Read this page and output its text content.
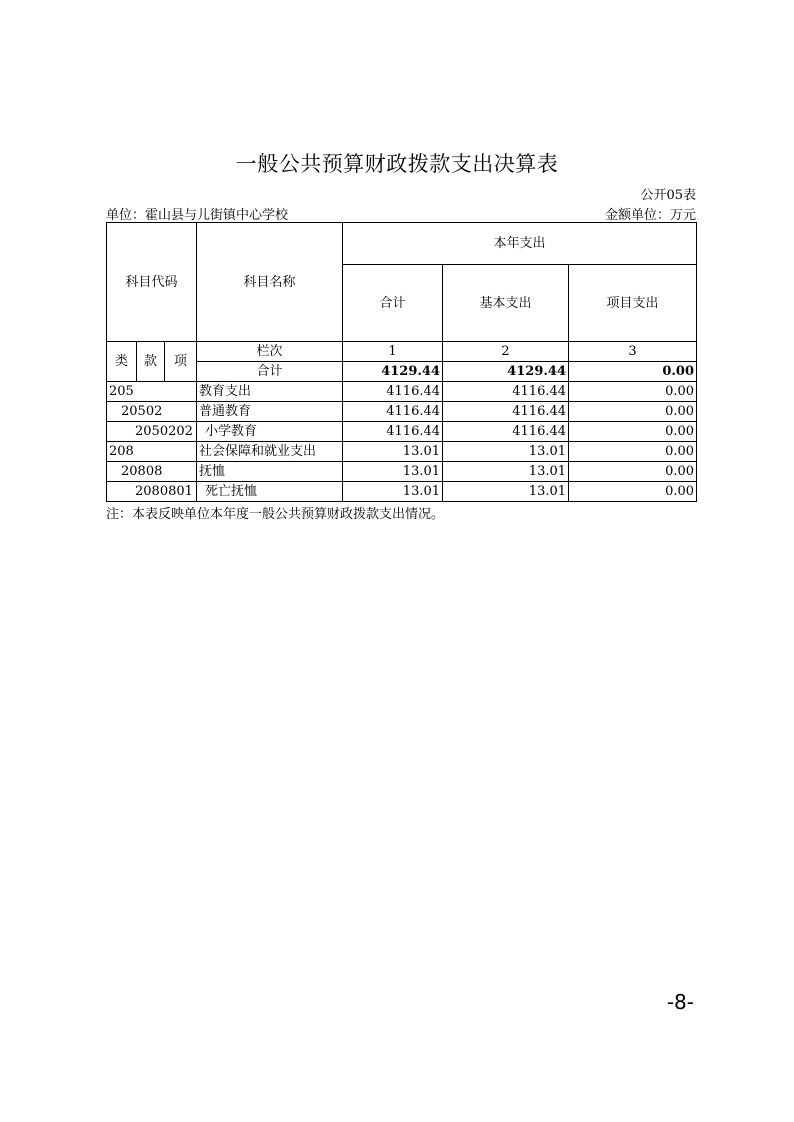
一般公共预算财政拨款支出决算表
公开05表
单位：霍山县与儿街镇中心学校	金额单位：万元
科目代码			科目名称	本年支出		
				合计	基本支出	项目支出
类	款	项	栏次	1	2	3
			合计	4129.44	4129.44	0.00
205			教育支出	4116.44	4116.44	0.00
20502			普通教育	4116.44	4116.44	0.00
2050202			小学教育	4116.44	4116.44	0.00
208			社会保障和就业支出	13.01	13.01	0.00
20808			抚恤	13.01	13.01	0.00
2080801			死亡抚恤	13.01	13.01	0.00
注：本表反映单位本年度一般公共预算财政拨款支出情况。
-8-
